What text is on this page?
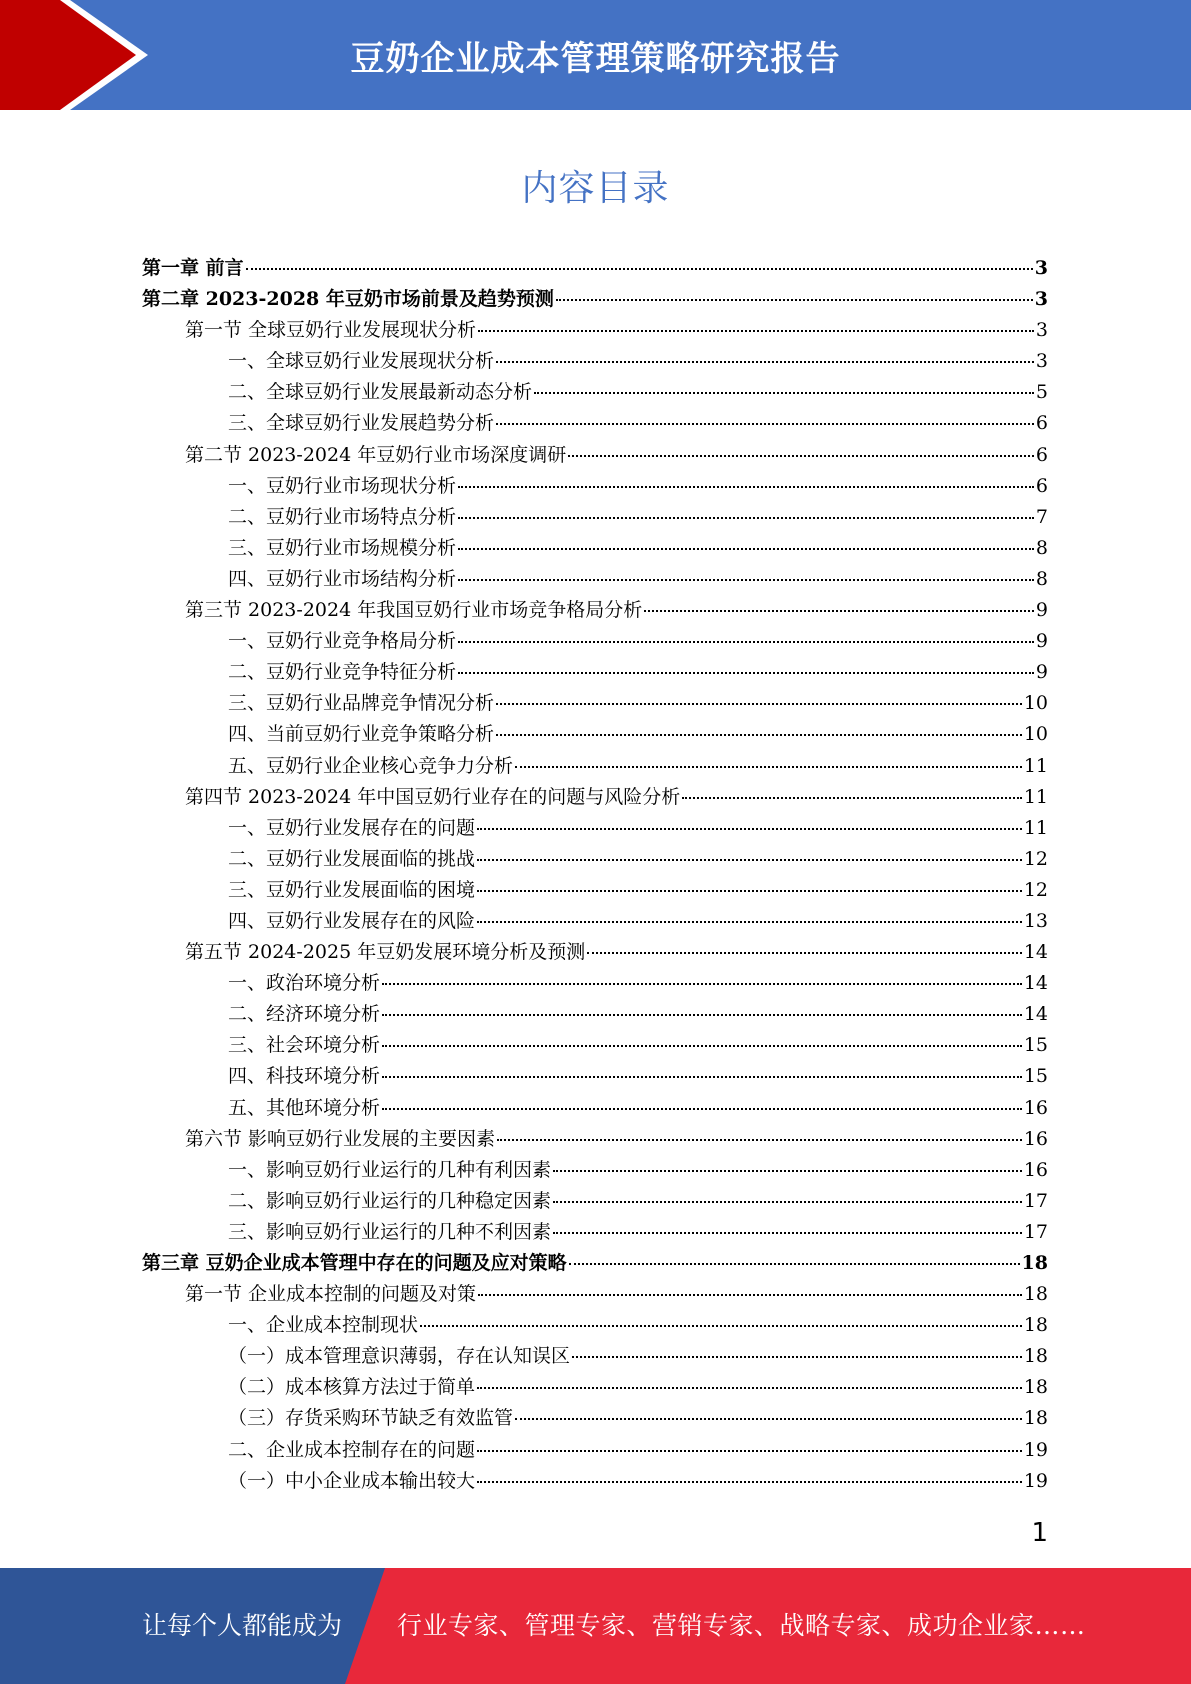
豆奶企业成本管理策略研究报告
内容目录
第一章 前言	3
第二章 2023-2028 年豆奶市场前景及趋势预测	3
第一节 全球豆奶行业发展现状分析	3
一、全球豆奶行业发展现状分析	3
二、全球豆奶行业发展最新动态分析	5
三、全球豆奶行业发展趋势分析	6
第二节 2023-2024 年豆奶行业市场深度调研	6
一、豆奶行业市场现状分析	6
二、豆奶行业市场特点分析	7
三、豆奶行业市场规模分析	8
四、豆奶行业市场结构分析	8
第三节 2023-2024 年我国豆奶行业市场竞争格局分析	9
一、豆奶行业竞争格局分析	9
二、豆奶行业竞争特征分析	9
三、豆奶行业品牌竞争情况分析	10
四、当前豆奶行业竞争策略分析	10
五、豆奶行业企业核心竞争力分析	11
第四节 2023-2024 年中国豆奶行业存在的问题与风险分析	11
一、豆奶行业发展存在的问题	11
二、豆奶行业发展面临的挑战	12
三、豆奶行业发展面临的困境	12
四、豆奶行业发展存在的风险	13
第五节 2024-2025 年豆奶发展环境分析及预测	14
一、政治环境分析	14
二、经济环境分析	14
三、社会环境分析	15
四、科技环境分析	15
五、其他环境分析	16
第六节 影响豆奶行业发展的主要因素	16
一、影响豆奶行业运行的几种有利因素	16
二、影响豆奶行业运行的几种稳定因素	17
三、影响豆奶行业运行的几种不利因素	17
第三章 豆奶企业成本管理中存在的问题及应对策略	18
第一节 企业成本控制的问题及对策	18
一、企业成本控制现状	18
（一）成本管理意识薄弱，存在认知误区	18
（二）成本核算方法过于简单	18
（三）存货采购环节缺乏有效监管	18
二、企业成本控制存在的问题	19
（一）中小企业成本输出较大	19
1
让每个人都能成为 行业专家、管理专家、营销专家、战略专家、成功企业家……
